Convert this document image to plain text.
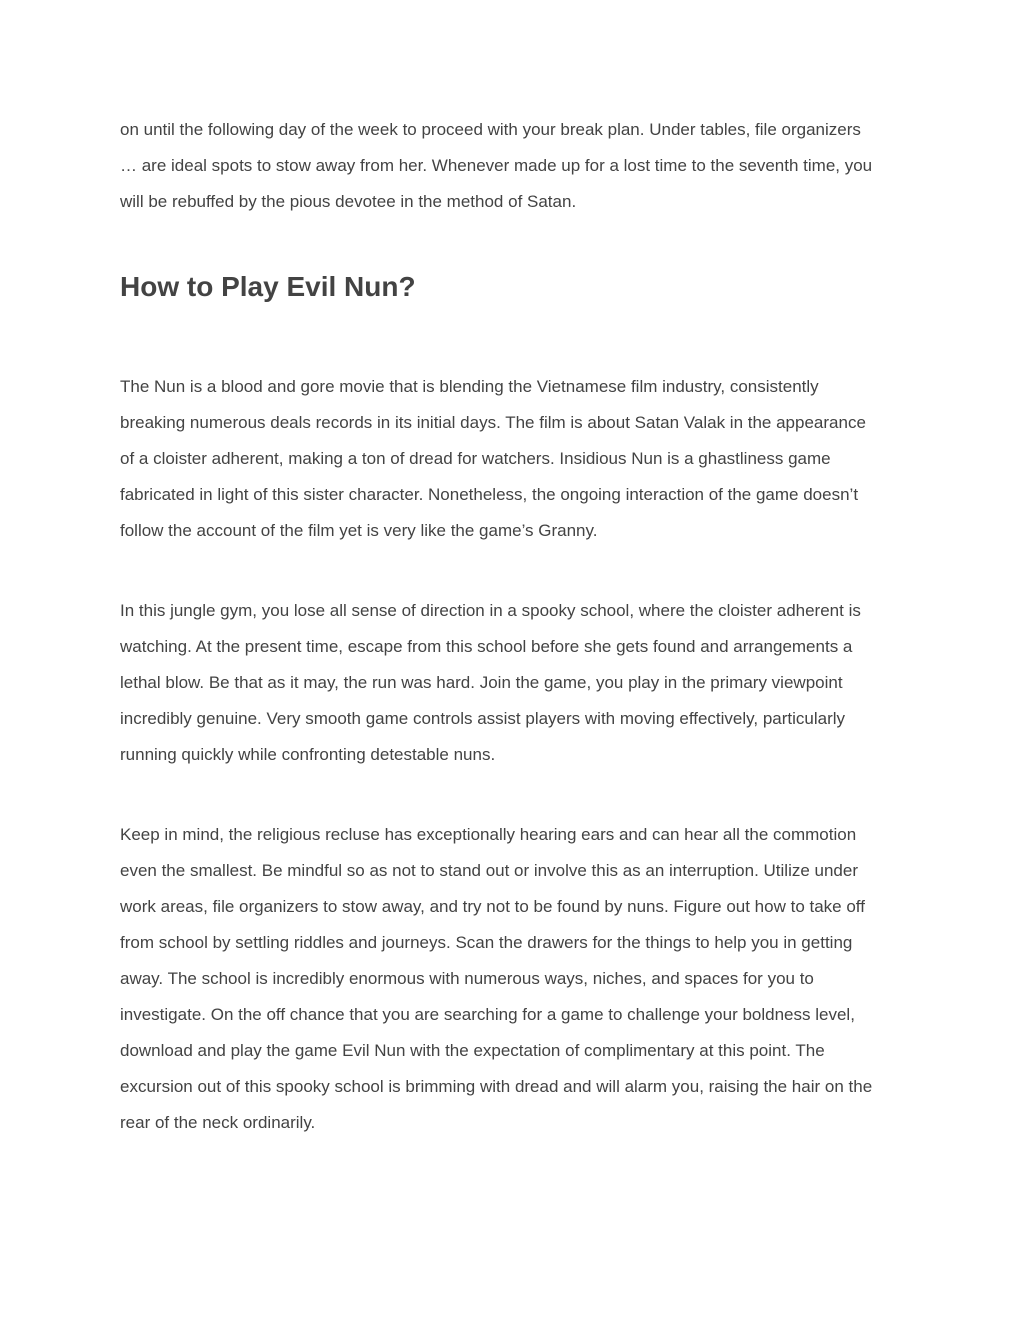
on until the following day of the week to proceed with your break plan. Under tables, file organizers
… are ideal spots to stow away from her. Whenever made up for a lost time to the seventh time, you
will be rebuffed by the pious devotee in the method of Satan.

How to Play Evil Nun?

The Nun is a blood and gore movie that is blending the Vietnamese film industry, consistently
breaking numerous deals records in its initial days. The film is about Satan Valak in the appearance
of a cloister adherent, making a ton of dread for watchers. Insidious Nun is a ghastliness game
fabricated in light of this sister character. Nonetheless, the ongoing interaction of the game doesn’t
follow the account of the film yet is very like the game’s Granny.

In this jungle gym, you lose all sense of direction in a spooky school, where the cloister adherent is
watching. At the present time, escape from this school before she gets found and arrangements a
lethal blow. Be that as it may, the run was hard. Join the game, you play in the primary viewpoint
incredibly genuine. Very smooth game controls assist players with moving effectively, particularly
running quickly while confronting detestable nuns.

Keep in mind, the religious recluse has exceptionally hearing ears and can hear all the commotion
even the smallest. Be mindful so as not to stand out or involve this as an interruption. Utilize under
work areas, file organizers to stow away, and try not to be found by nuns. Figure out how to take off
from school by settling riddles and journeys. Scan the drawers for the things to help you in getting
away. The school is incredibly enormous with numerous ways, niches, and spaces for you to
investigate. On the off chance that you are searching for a game to challenge your boldness level,
download and play the game Evil Nun with the expectation of complimentary at this point. The
excursion out of this spooky school is brimming with dread and will alarm you, raising the hair on the
rear of the neck ordinarily.
